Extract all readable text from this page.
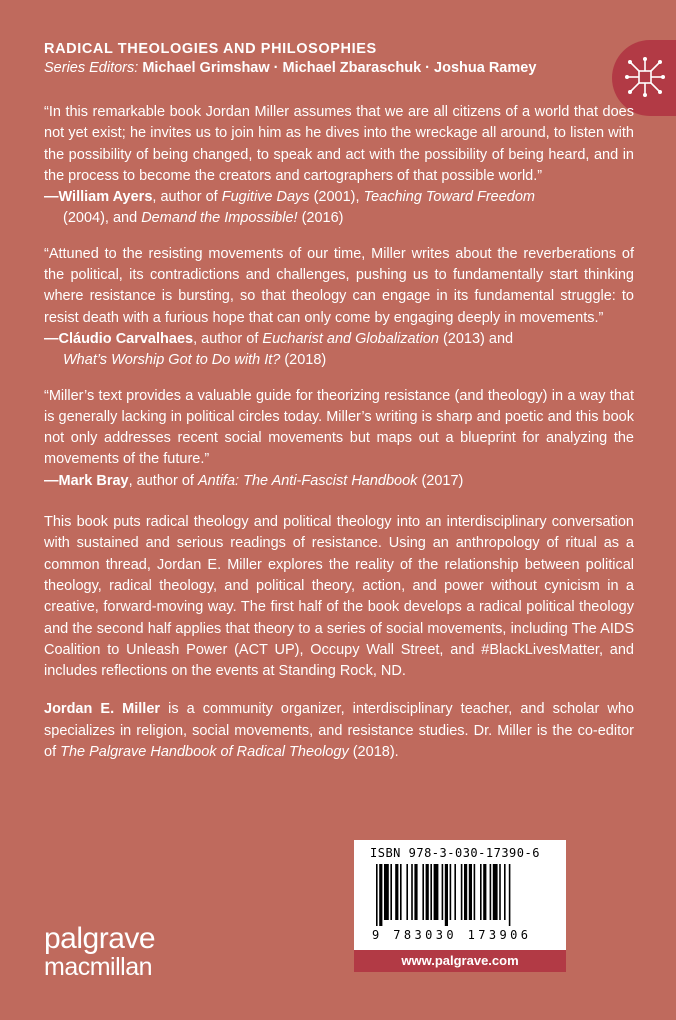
RADICAL THEOLOGIES AND PHILOSOPHIES
Series Editors: Michael Grimshaw · Michael Zbaraschuk · Joshua Ramey

“In this remarkable book Jordan Miller assumes that we are all citizens of a world that does not yet exist; he invites us to join him as he dives into the wreckage all around, to listen with the possibility of being changed, to speak and act with the possibility of being heard, and in the process to become the creators and cartographers of that possible world.”

—William Ayers, author of Fugitive Days (2001), Teaching Toward Freedom
(2004), and Demand the Impossible! (2016)

“Attuned to the resisting movements of our time, Miller writes about the reverberations of the political, its contradictions and challenges, pushing us to fundamentally start thinking where resistance is bursting, so that theology can engage in its fundamental struggle: to resist death with a furious hope that can only come by engaging deeply in movements.”

—Cláudio Carvalhaes, author of Eucharist and Globalization (2013) and
What’s Worship Got to Do with It? (2018)

“Miller’s text provides a valuable guide for theorizing resistance (and theology) in a way that is generally lacking in political circles today. Miller’s writing is sharp and poetic and this book not only addresses recent social movements but maps out a blueprint for analyzing the movements of the future.”

—Mark Bray, author of Antifa: The Anti-Fascist Handbook (2017)

This book puts radical theology and political theology into an interdisciplinary conversation with sustained and serious readings of resistance. Using an anthropology of ritual as a common thread, Jordan E. Miller explores the reality of the relationship between political theology, radical theology, and political theory, action, and power without cynicism in a creative, forward-moving way. The first half of the book develops a radical political theology and the second half applies that theory to a series of social movements, including The AIDS Coalition to Unleash Power (ACT UP), Occupy Wall Street, and #BlackLivesMatter, and includes reflections on the events at Standing Rock, ND.

Jordan E. Miller is a community organizer, interdisciplinary teacher, and scholar who specializes in religion, social movements, and resistance studies. Dr. Miller is the co-editor of The Palgrave Handbook of Radical Theology (2018).

ISBN 978-3-030-17390-6
9 783030 173906
www.palgrave.com
palgrave
macmillan
